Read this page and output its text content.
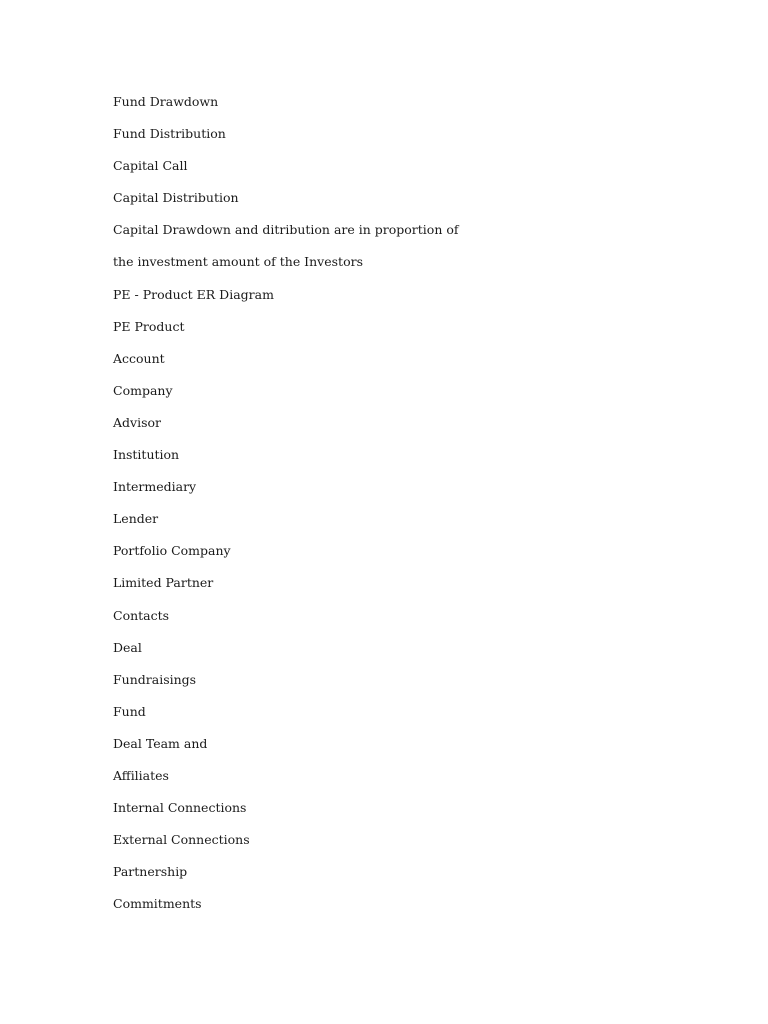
Fund Drawdown
Fund Distribution
Capital Call
Capital Distribution
Capital Drawdown and ditribution are in proportion of
the investment amount of the Investors
PE - Product ER Diagram
PE Product
Account
Company
Advisor
Institution
Intermediary
Lender
Portfolio Company
Limited Partner
Contacts
Deal
Fundraisings
Fund
Deal Team and
Affiliates
Internal Connections
External Connections
Partnership
Commitments
